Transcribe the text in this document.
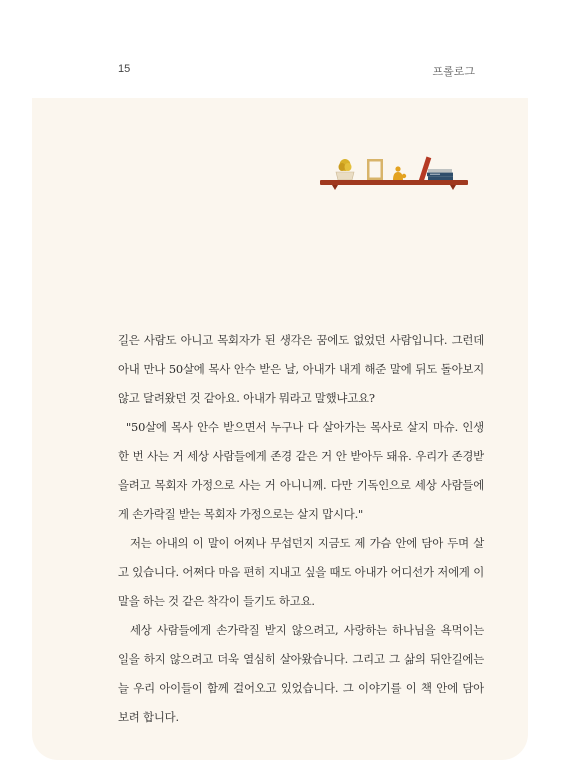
15	프롤로그

길은 사람도 아니고 목회자가 된 생각은 꿈에도 없었던 사람입니다. 그런데 아내 만나 50살에 목사 안수 받은 날, 아내가 내게 해준 말에 뒤도 돌아보지 않고 달려왔던 것 같아요. 아내가 뭐라고 말했냐고요?

"50살에 목사 안수 받으면서 누구나 다 살아가는 목사로 살지 마슈. 인생 한 번 사는 거 세상 사람들에게 존경 같은 거 안 받아두 돼유. 우리가 존경받을려고 목회자 가정으로 사는 거 아니니께. 다만 기독인으로 세상 사람들에게 손가락질 받는 목회자 가정으로는 살지 맙시다."

저는 아내의 이 말이 어찌나 무섭던지 지금도 제 가슴 안에 담아 두며 살고 있습니다. 어쩌다 마음 편히 지내고 싶을 때도 아내가 어디선가 저에게 이 말을 하는 것 같은 착각이 들기도 하고요.

세상 사람들에게 손가락질 받지 않으려고, 사랑하는 하나님을 욕먹이는 일을 하지 않으려고 더욱 열심히 살아왔습니다. 그리고 그 삶의 뒤안길에는 늘 우리 아이들이 함께 걸어오고 있었습니다. 그 이야기를 이 책 안에 담아 보려 합니다.
